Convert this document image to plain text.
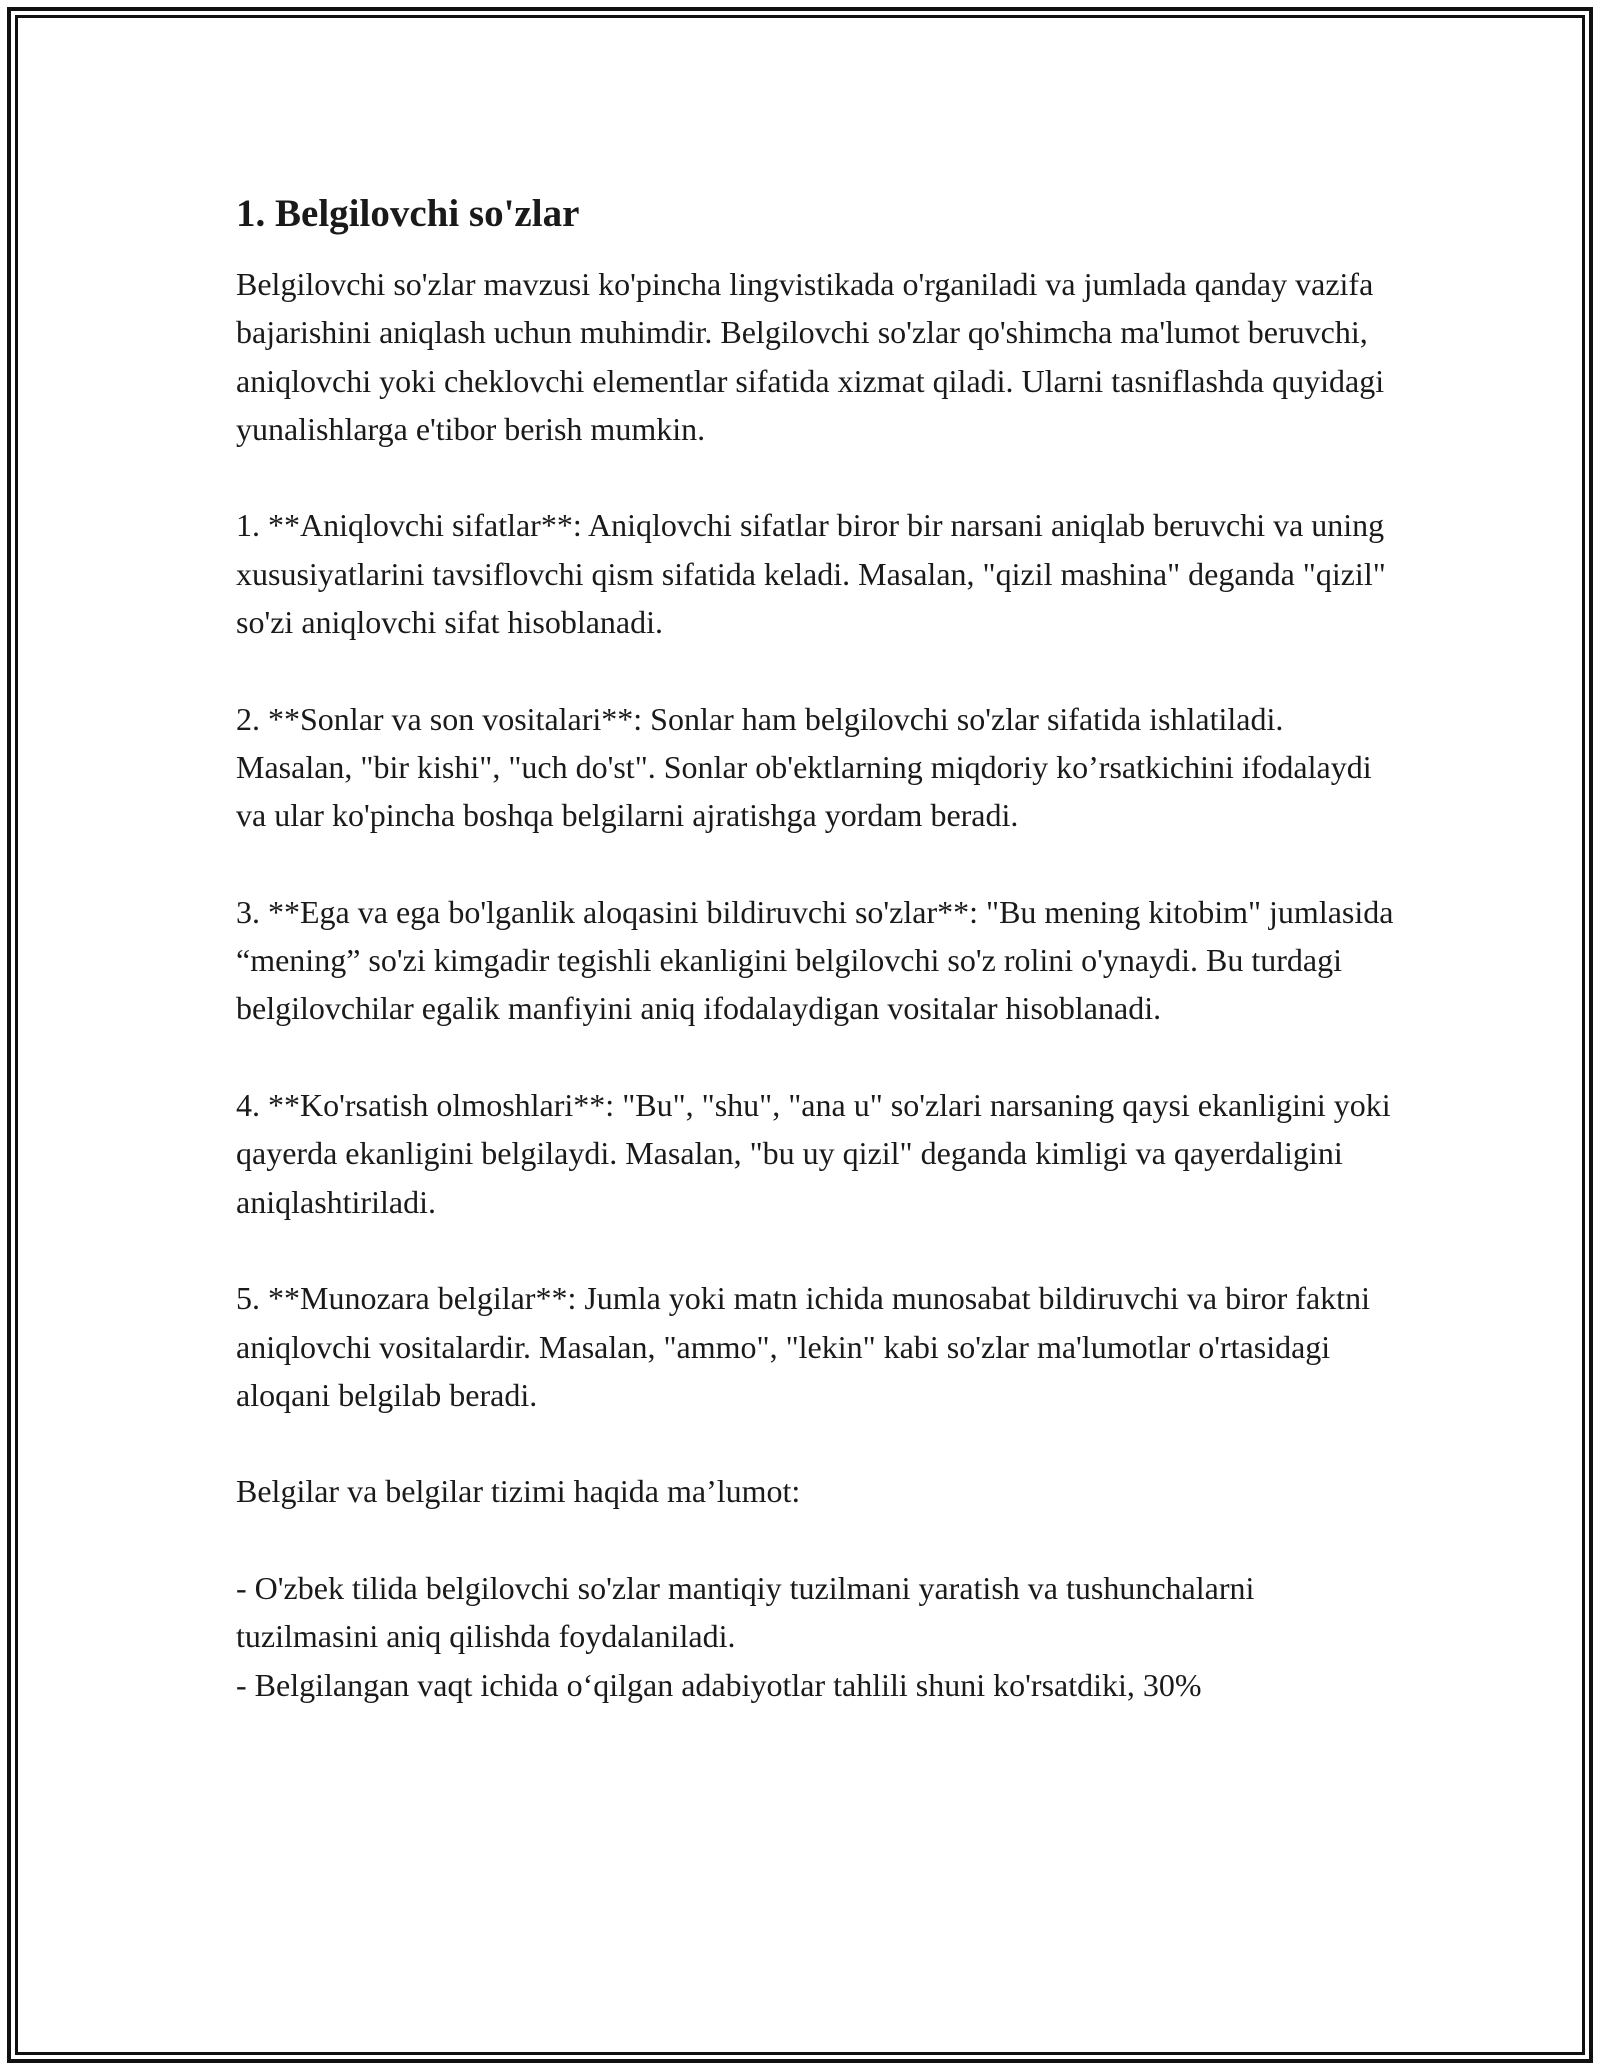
1. Belgilovchi so'zlar

Belgilovchi so'zlar mavzusi ko'pincha lingvistikada o'rganiladi va jumlada qanday vazifa bajarishini aniqlash uchun muhimdir. Belgilovchi so'zlar qo'shimcha ma'lumot beruvchi, aniqlovchi yoki cheklovchi elementlar sifatida xizmat qiladi. Ularni tasniflashda quyidagi yunalishlarga e'tibor berish mumkin.

1. **Aniqlovchi sifatlar**: Aniqlovchi sifatlar biror bir narsani aniqlab beruvchi va uning xususiyatlarini tavsiflovchi qism sifatida keladi. Masalan, "qizil mashina" deganda "qizil" so'zi aniqlovchi sifat hisoblanadi.

2. **Sonlar va son vositalari**: Sonlar ham belgilovchi so'zlar sifatida ishlatiladi. Masalan, "bir kishi", "uch do'st". Sonlar ob'ektlarning miqdoriy ko’rsatkichini ifodalaydi va ular ko'pincha boshqa belgilarni ajratishga yordam beradi.

3. **Ega va ega bo'lganlik aloqasini bildiruvchi so'zlar**: "Bu mening kitobim" jumlasida “mening” so'zi kimgadir tegishli ekanligini belgilovchi so'z rolini o'ynaydi. Bu turdagi belgilovchilar egalik manfiyini aniq ifodalaydigan vositalar hisoblanadi.

4. **Ko'rsatish olmoshlari**: "Bu", "shu", "ana u" so'zlari narsaning qaysi ekanligini yoki qayerda ekanligini belgilaydi. Masalan, "bu uy qizil" deganda kimligi va qayerdaligini aniqlashtiriladi.

5. **Munozara belgilar**: Jumla yoki matn ichida munosabat bildiruvchi va biror faktni aniqlovchi vositalardir. Masalan, "ammo", "lekin" kabi so'zlar ma'lumotlar o'rtasidagi aloqani belgilab beradi.

Belgilar va belgilar tizimi haqida ma’lumot:

- O'zbek tilida belgilovchi so'zlar mantiqiy tuzilmani yaratish va tushunchalarni tuzilmasini aniq qilishda foydalaniladi.
- Belgilangan vaqt ichida o‘qilgan adabiyotlar tahlili shuni ko'rsatdiki, 30%
